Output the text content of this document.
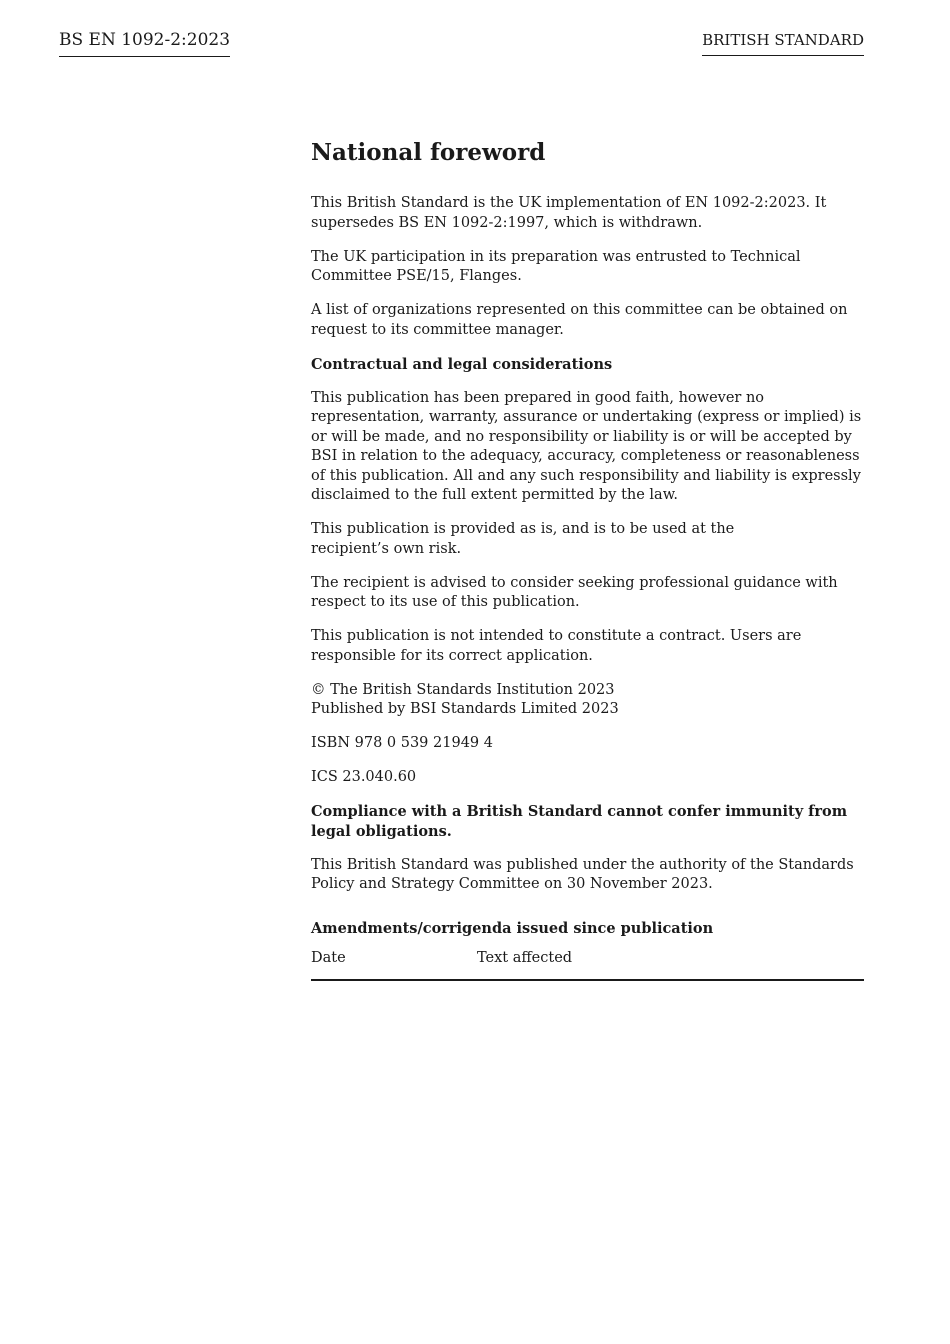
BS EN 1092-2:2023	BRITISH STANDARD
National foreword

This British Standard is the UK implementation of EN 1092-2:2023. It supersedes BS EN 1092-2:1997, which is withdrawn.

The UK participation in its preparation was entrusted to Technical Committee PSE/15, Flanges.

A list of organizations represented on this committee can be obtained on request to its committee manager.

Contractual and legal considerations

This publication has been prepared in good faith, however no representation, warranty, assurance or undertaking (express or implied) is or will be made, and no responsibility or liability is or will be accepted by BSI in relation to the adequacy, accuracy, completeness or reasonableness of this publication. All and any such responsibility and liability is expressly disclaimed to the full extent permitted by the law.

This publication is provided as is, and is to be used at the
recipient’s own risk.

The recipient is advised to consider seeking professional guidance with respect to its use of this publication.

This publication is not intended to constitute a contract. Users are responsible for its correct application.

© The British Standards Institution 2023
Published by BSI Standards Limited 2023

ISBN 978 0 539 21949 4

ICS 23.040.60

Compliance with a British Standard cannot confer immunity from legal obligations.

This British Standard was published under the authority of the Standards Policy and Strategy Committee on 30 November 2023.

Amendments/corrigenda issued since publication
Date	Text affected
